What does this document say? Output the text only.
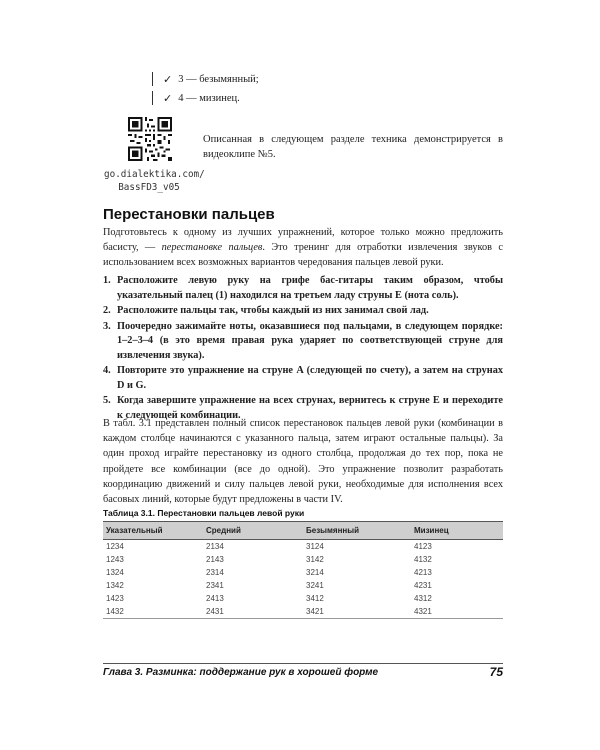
✓ 3 — безымянный;
✓ 4 — мизинец.
go.dialektika.com/
BassFD3_v05
Описанная в следующем разделе техника демонстрируется в видеоклипе №5.
Перестановки пальцев
Подготовьтесь к одному из лучших упражнений, которое только можно предложить басисту, — перестановке пальцев. Это тренинг для отработки извлечения звуков с использованием всех возможных вариантов чередования пальцев левой руки.
1. Расположите левую руку на грифе бас-гитары таким образом, чтобы указательный палец (1) находился на третьем ладу струны E (нота соль).
2. Расположите пальцы так, чтобы каждый из них занимал свой лад.
3. Поочередно зажимайте ноты, оказавшиеся под пальцами, в следующем порядке: 1–2–3–4 (в это время правая рука ударяет по соответствующей струне для извлечения звука).
4. Повторите это упражнение на струне A (следующей по счету), а затем на струнах D и G.
5. Когда завершите упражнение на всех струнах, вернитесь к струне E и переходите к следующей комбинации.
В табл. 3.1 представлен полный список перестановок пальцев левой руки (комбинации в каждом столбце начинаются с указанного пальца, затем играют остальные пальцы). За один проход играйте перестановку из одного столбца, продолжая до тех пор, пока не пройдете все комбинации (все до одной). Это упражнение позволит разработать координацию движений и силу пальцев левой руки, необходимые для исполнения всех басовых линий, которые будут предложены в части IV.
Таблица 3.1. Перестановки пальцев левой руки
Указательный	Средний	Безымянный	Мизинец
1234	2134	3124	4123
1243	2143	3142	4132
1324	2314	3214	4213
1342	2341	3241	4231
1423	2413	3412	4312
1432	2431	3421	4321
Глава 3. Разминка: поддержание рук в хорошей форме	75
